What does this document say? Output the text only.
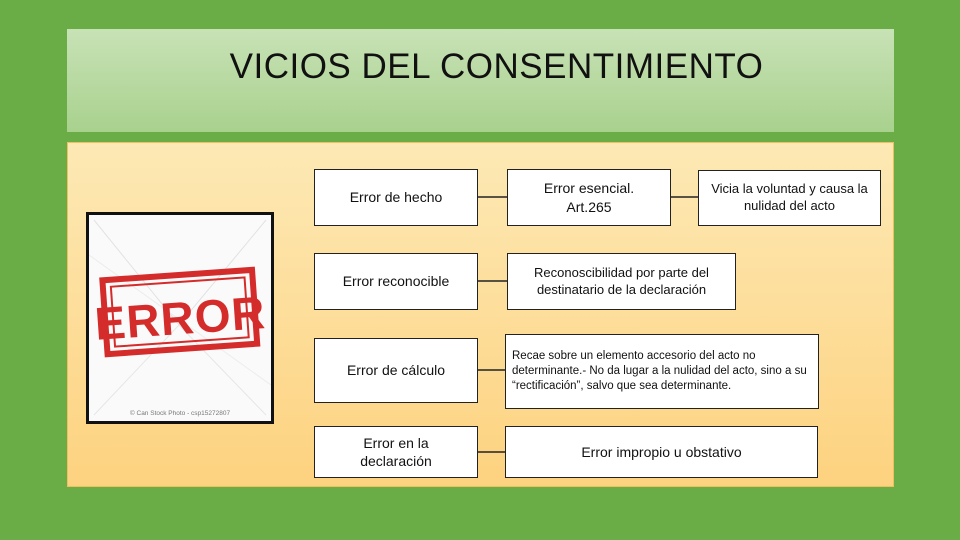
VICIOS DEL CONSENTIMIENTO
ERROR
© Can Stock Photo - csp15272807
Error de hecho
Error reconocible
Error de cálculo
Error en la declaración
Error esencial. Art.265
Vicia la voluntad y causa la nulidad del acto
Reconoscibilidad por parte del destinatario de la declaración
Recae sobre un elemento accesorio del acto no determinante.- No da lugar a la nulidad del acto, sino a su “rectificación”, salvo que sea determinante.
Error impropio u obstativo
